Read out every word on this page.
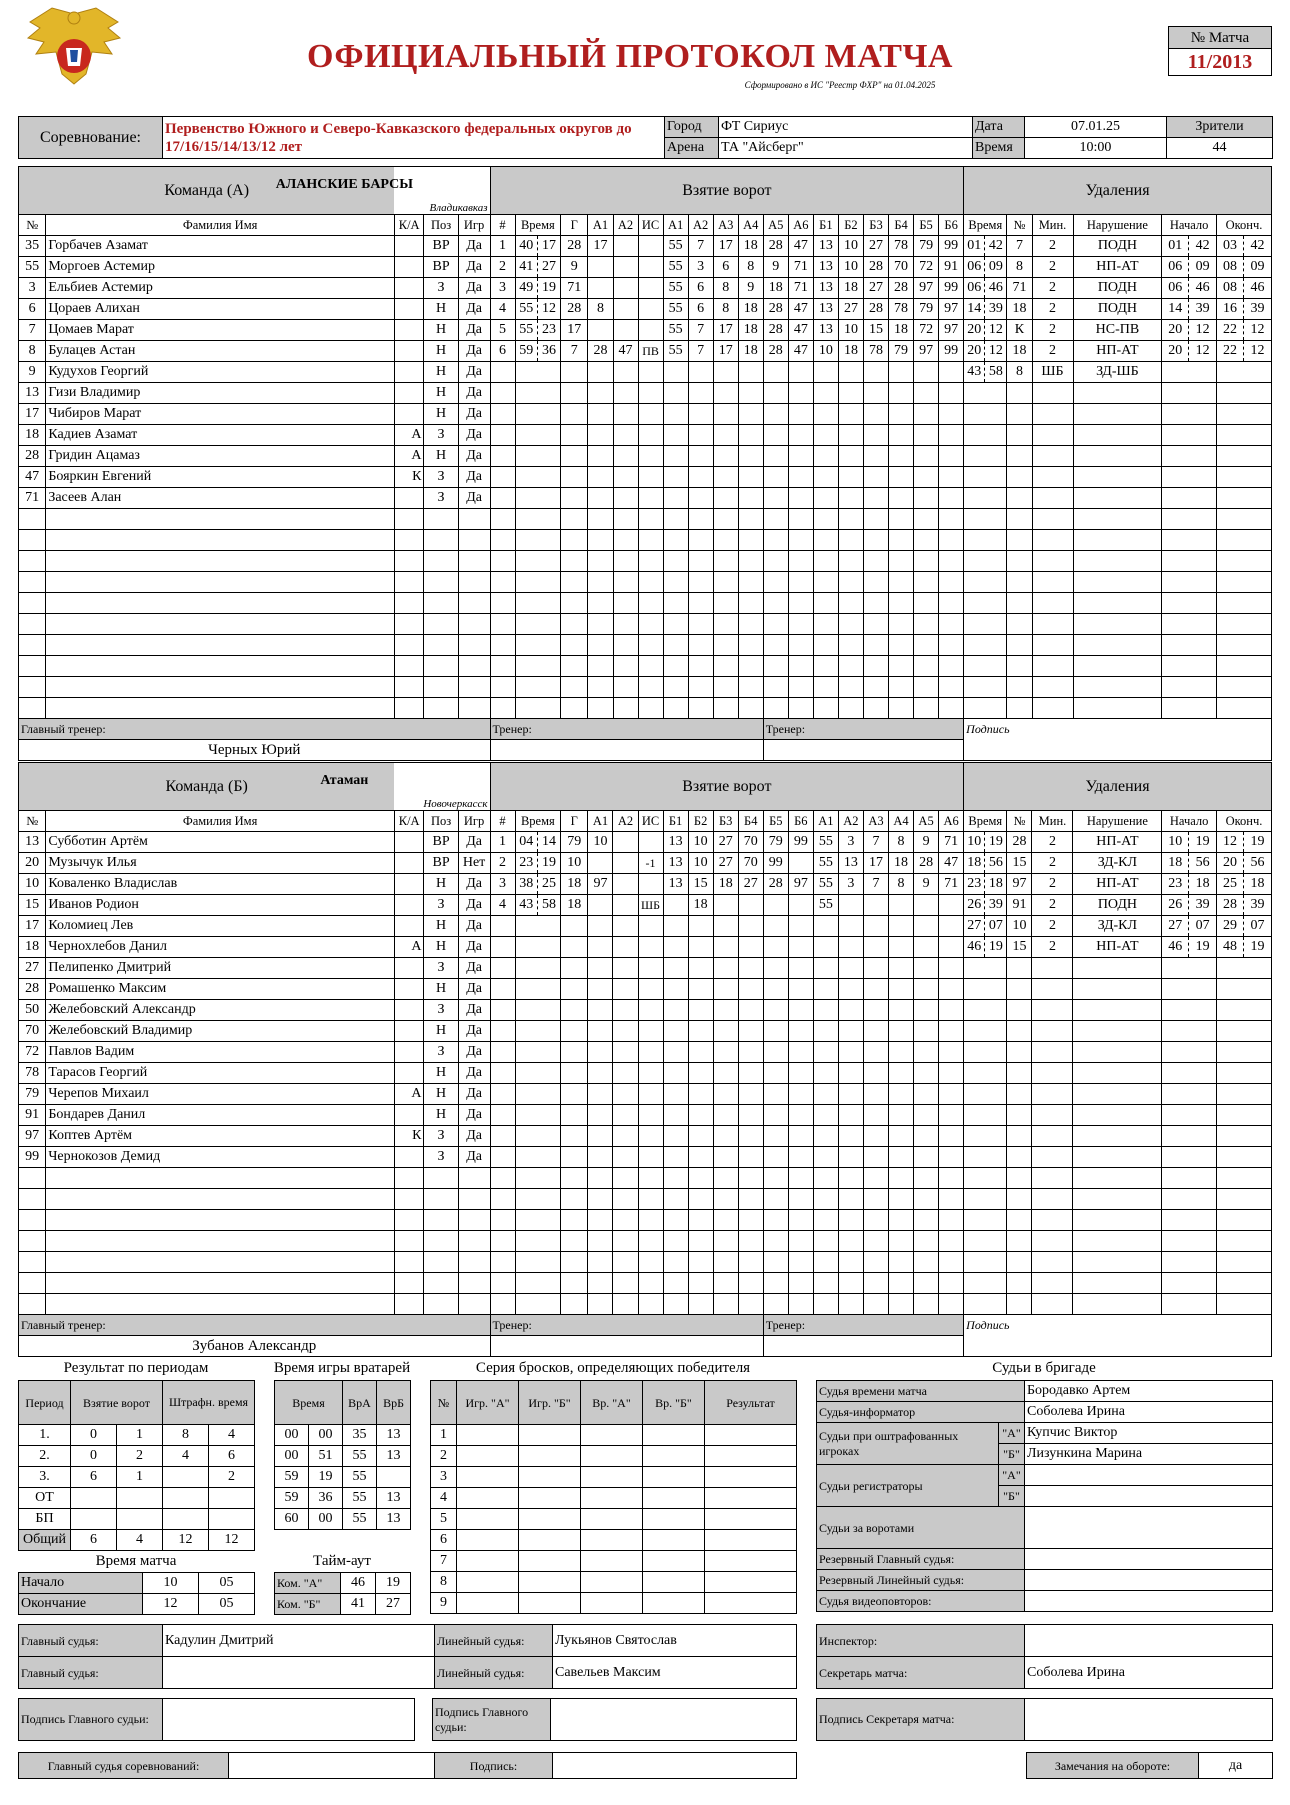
ОФИЦИАЛЬНЫЙ ПРОТОКОЛ МАТЧА
Сформировано в ИС "Реестр ФХР" на 01.04.2025
№ Матча
11/2013
Соревнование:	Первенство Южного и Северо-Кавказского федеральных округов до 17/16/15/14/13/12 лет	Город	ФТ Сириус	Дата	07.01.25	Зрители
		Арена	ТА "Айсберг"	Время	10:00	44
Команда (А)		АЛАНСКИЕ БАРСЫ
Владикавказ			Взятие ворот																		Удаления					
№	Фамилия Имя	К/А	Поз	Игр	#	Время	Г	А1	А2	ИС	А1	А2	А3	А4	А5	А6	Б1	Б2	Б3	Б4	Б5	Б6	Время	№	Мин.	Нарушение	Начало	Оконч.
35	Горбачев Азамат		ВР	Да	1	40 17	28	17			55	7	17	18	28	47	13	10	27	78	79	99	01 42	7	2	ПОДН	01 42	03 42
55	Моргоев Астемир		ВР	Да	2	41 27	9				55	3	6	8	9	71	13	10	28	70	72	91	06 09	8	2	НП-АТ	06 09	08 09
3	Ельбиев Астемир		З	Да	3	49 19	71				55	6	8	9	18	71	13	18	27	28	97	99	06 46	71	2	ПОДН	06 46	08 46
6	Цораев Алихан		Н	Да	4	55 12	28	8			55	6	8	18	28	47	13	27	28	78	79	97	14 39	18	2	ПОДН	14 39	16 39
7	Цомаев Марат		Н	Да	5	55 23	17				55	7	17	18	28	47	13	10	15	18	72	97	20 12	К	2	НС-ПВ	20 12	22 12
8	Булацев Астан		Н	Да	6	59 36	7	28	47	ПВ	55	7	17	18	28	47	10	18	78	79	97	99	20 12	18	2	НП-АТ	20 12	22 12
9	Кудухов Георгий		Н	Да																			43 58	8	ШБ	ЗД-ШБ		
13	Гизи Владимир		Н	Да																								
17	Чибиров Марат		Н	Да																								
18	Кадиев Азамат	А	З	Да																								
28	Гридин Ацамаз	А	Н	Да																								
47	Бояркин Евгений	К	З	Да																								
71	Засеев Алан		З	Да																								

Главный тренер:					Тренер:										Тренер:								Подпись					
Черных Юрий																												
Команда (Б)		Атаман
Новочеркасск			Взятие ворот																		Удаления					
№	Фамилия Имя	К/А	Поз	Игр	#	Время	Г	А1	А2	ИС	Б1	Б2	Б3	Б4	Б5	Б6	А1	А2	А3	А4	А5	А6	Время	№	Мин.	Нарушение	Начало	Оконч.
13	Субботин Артём		ВР	Да	1	04 14	79	10			13	10	27	70	79	99	55	3	7	8	9	71	10 19	28	2	НП-АТ	10 19	12 19
20	Музычук Илья		ВР	Нет	2	23 19	10			-1	13	10	27	70	99		55	13	17	18	28	47	18 56	15	2	ЗД-КЛ	18 56	20 56
10	Коваленко Владислав		Н	Да	3	38 25	18	97			13	15	18	27	28	97	55	3	7	8	9	71	23 18	97	2	НП-АТ	23 18	25 18
15	Иванов Родион		З	Да	4	43 58	18			ШБ		18					55						26 39	91	2	ПОДН	26 39	28 39
17	Коломиец Лев		Н	Да																			27 07	10	2	ЗД-КЛ	27 07	29 07
18	Чернохлебов Данил	А	Н	Да																			46 19	15	2	НП-АТ	46 19	48 19
27	Пелипенко Дмитрий		З	Да																								
28	Ромашенко Максим		Н	Да																								
50	Желебовский Александр		З	Да																								
70	Желебовский Владимир		Н	Да																								
72	Павлов Вадим		З	Да																								
78	Тарасов Георгий		Н	Да																								
79	Черепов Михаил	А	Н	Да																								
91	Бондарев Данил		Н	Да																								
97	Коптев Артём	К	З	Да																								
99	Чернокозов Демид		З	Да																								

Главный тренер:					Тренер:										Тренер:								Подпись					
Зубанов Александр																												
Результат по периодам
Период	Взятие ворот		Штрафн. время	

1.	0	1	8	4
2.	0	2	4	6
3.	6	1		2
ОТ				
БП				
Общий	6	4	12	12
Время игры вратарей
Время		ВрА	ВрБ
00	00	35	13
00	51	55	13
59	19	55	
59	36	55	13
60	00	55	13
Время матча
Начало	10	05
Окончание	12	05
Тайм-аут
Ком. "А"	46	19
Ком. "Б"	41	27
Серия бросков, определяющих победителя
№	Игр. "А"	Игр. "Б"	Вр. "А"	Вр. "Б"	Результат
1					
2					
3					
4					
5					
6					
7					
8					
9					
Судьи в бригаде
Судья времени матча		Бородавко Артем
Судья-информатор		Соболева Ирина
Судьи при оштрафованных игроках	"А"	Купчис Виктор
	"Б"	Лизункина Марина
Судьи регистраторы	"А"	
	"Б"	
Судьи за воротами		
Резервный Главный судья:		
Резервный Линейный судья:		
Судья видеоповторов:		
Главный судья:	Кадулин Дмитрий	Линейный судья:	Лукьянов Святослав
Главный судья:		Линейный судья:	Савельев Максим
Инспектор:	
Секретарь матча:	Соболева Ирина
Подпись Главного судьи:	
Подпись Главного судьи:	
Подпись Секретаря матча:	
Главный судья соревнований:		Подпись:		Замечания на обороте:	да
